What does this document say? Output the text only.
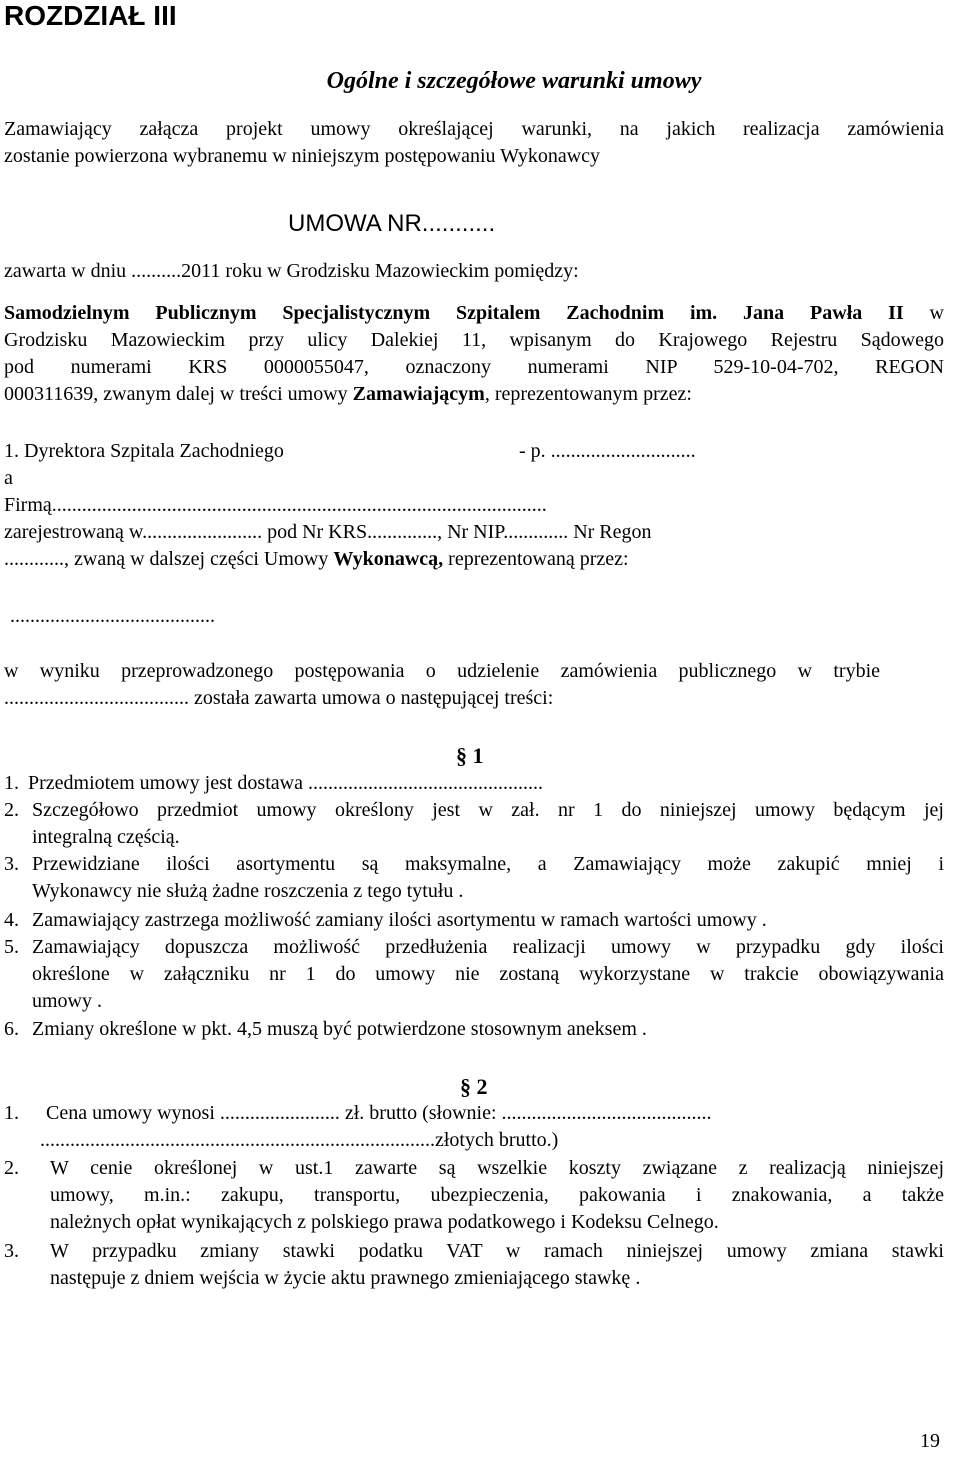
ROZDZIAŁ III
Ogólne i szczegółowe warunki umowy
Zamawiający załącza projekt umowy określającej warunki, na jakich realizacja zamówienia
zostanie powierzona wybranemu w niniejszym postępowaniu Wykonawcy
UMOWA NR...........
zawarta w dniu ..........2011 roku w Grodzisku Mazowieckim pomiędzy:
Samodzielnym Publicznym Specjalistycznym Szpitalem Zachodnim im. Jana Pawła II w
Grodzisku Mazowieckim przy ulicy Dalekiej 11, wpisanym do Krajowego Rejestru Sądowego
pod numerami KRS 0000055047, oznaczony numerami NIP 529-10-04-702, REGON
000311639, zwanym dalej w treści umowy Zamawiającym, reprezentowanym przez:
1. Dyrektora Szpitala Zachodniego	- p. .............................
a
Firmą...................................................................................................
zarejestrowaną w........................ pod Nr KRS.............., Nr NIP............. Nr Regon
............, zwaną w dalszej części Umowy Wykonawcą, reprezentowaną przez:
.........................................
w wyniku przeprowadzonego postępowania o udzielenie zamówienia publicznego w trybie
..................................... została zawarta umowa o następującej treści:
§ 1
1. Przedmiotem umowy jest dostawa ...............................................
2. Szczegółowo przedmiot umowy określony jest w zał. nr 1 do niniejszej umowy będącym jej
integralną częścią.
3. Przewidziane ilości asortymentu są maksymalne, a Zamawiający może zakupić mniej i
Wykonawcy nie służą żadne roszczenia z tego tytułu .
4. Zamawiający zastrzega możliwość zamiany ilości asortymentu w ramach wartości umowy .
5. Zamawiający dopuszcza możliwość przedłużenia realizacji umowy w przypadku gdy ilości
określone w załączniku nr 1 do umowy nie zostaną wykorzystane w trakcie obowiązywania
umowy .
6. Zmiany określone w pkt. 4,5 muszą być potwierdzone stosownym aneksem .
§ 2
1. Cena umowy wynosi ........................ zł. brutto (słownie: ..........................................
...............................................................................złotych brutto.)
2. W cenie określonej w ust.1 zawarte są wszelkie koszty związane z realizacją niniejszej
umowy, m.in.: zakupu, transportu, ubezpieczenia, pakowania i znakowania, a także
należnych opłat wynikających z polskiego prawa podatkowego i Kodeksu Celnego.
3. W przypadku zmiany stawki podatku VAT w ramach niniejszej umowy zmiana stawki
następuje z dniem wejścia w życie aktu prawnego zmieniającego stawkę .
19
